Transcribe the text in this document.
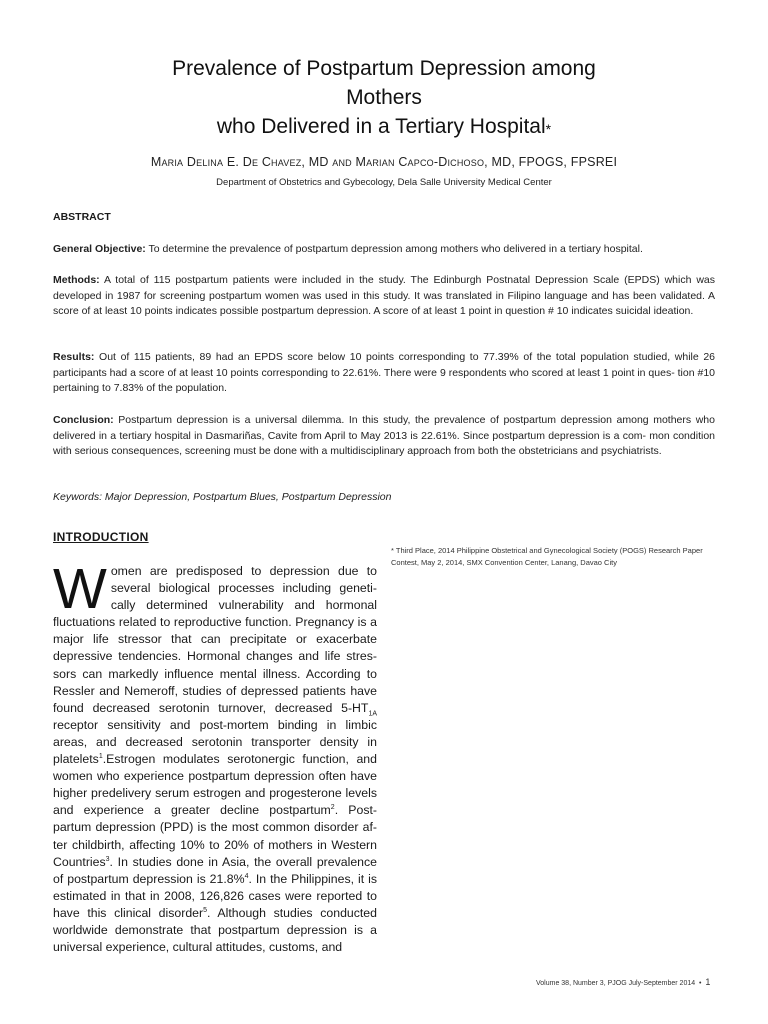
Prevalence of Postpartum Depression among
Mothers
who Delivered in a Tertiary Hospital*
Maria Delina E. De Chavez, MD and Marian Capco-Dichoso, MD, FPOGS, FPSREI
Department of Obstetrics and Gybecology, Dela Salle University Medical Center
ABSTRACT
General Objective: To determine the prevalence of postpartum depression among mothers who delivered in a tertiary hospital.
Methods: A total of 115 postpartum patients were included in the study. The Edinburgh Postnatal Depression Scale (EPDS) which was developed in 1987 for screening postpartum women was used in this study. It was translated in Filipino language and has been validated. A score of at least 10 points indicates possible postpartum depression. A score of at least 1 point in question # 10 indicates suicidal ideation.
Results: Out of 115 patients, 89 had an EPDS score below 10 points corresponding to 77.39% of the total population studied, while 26 participants had a score of at least 10 points corresponding to 22.61%. There were 9 respondents who scored at least 1 point in ques- tion #10 pertaining to 7.83% of the population.
Conclusion: Postpartum depression is a universal dilemma. In this study, the prevalence of postpartum depression among mothers who delivered in a tertiary hospital in Dasmariñas, Cavite from April to May 2013 is 22.61%. Since postpartum depression is a com- mon condition with serious consequences, screening must be done with a multidisciplinary approach from both the obstetricians and psychiatrists.
Keywords: Major Depression, Postpartum Blues, Postpartum Depression
INTRODUCTION
Women are predisposed to depression due to several biological processes including geneti- cally determined vulnerability and hormonal fluctuations related to reproductive function. Pregnancy is a major life stressor that can precipitate or exacerbate depressive tendencies. Hormonal changes and life stres- sors can markedly influence mental illness. According to Ressler and Nemeroff, studies of depressed patients have found decreased serotonin turnover, decreased $5-HT_{1A}$ receptor sensitivity and post-mortem binding in limbic areas, and decreased serotonin transporter density in platelets$^1$.Estrogen modulates serotonergic function, and women who experience postpartum depression often have higher predelivery serum estrogen and progesterone levels and experience a greater decline postpartum$^2$. Post- partum depression (PPD) is the most common disorder af- ter childbirth, affecting 10% to 20% of mothers in Western Countries$^3$. In studies done in Asia, the overall prevalence of postpartum depression is 21.8%$^4$. In the Philippines, it is estimated in that in 2008, 126,826 cases were reported to have this clinical disorder$^5$. Although studies conducted worldwide demonstrate that postpartum depression is a universal experience, cultural attitudes, customs, and
* Third Place, 2014 Philippine Obstetrical and Gynecological Society (POGS) Research Paper Contest, May 2, 2014, SMX Convention Center, Lanang, Davao City
Volume 38, Number 3, PJOG July-September 2014 • 1
